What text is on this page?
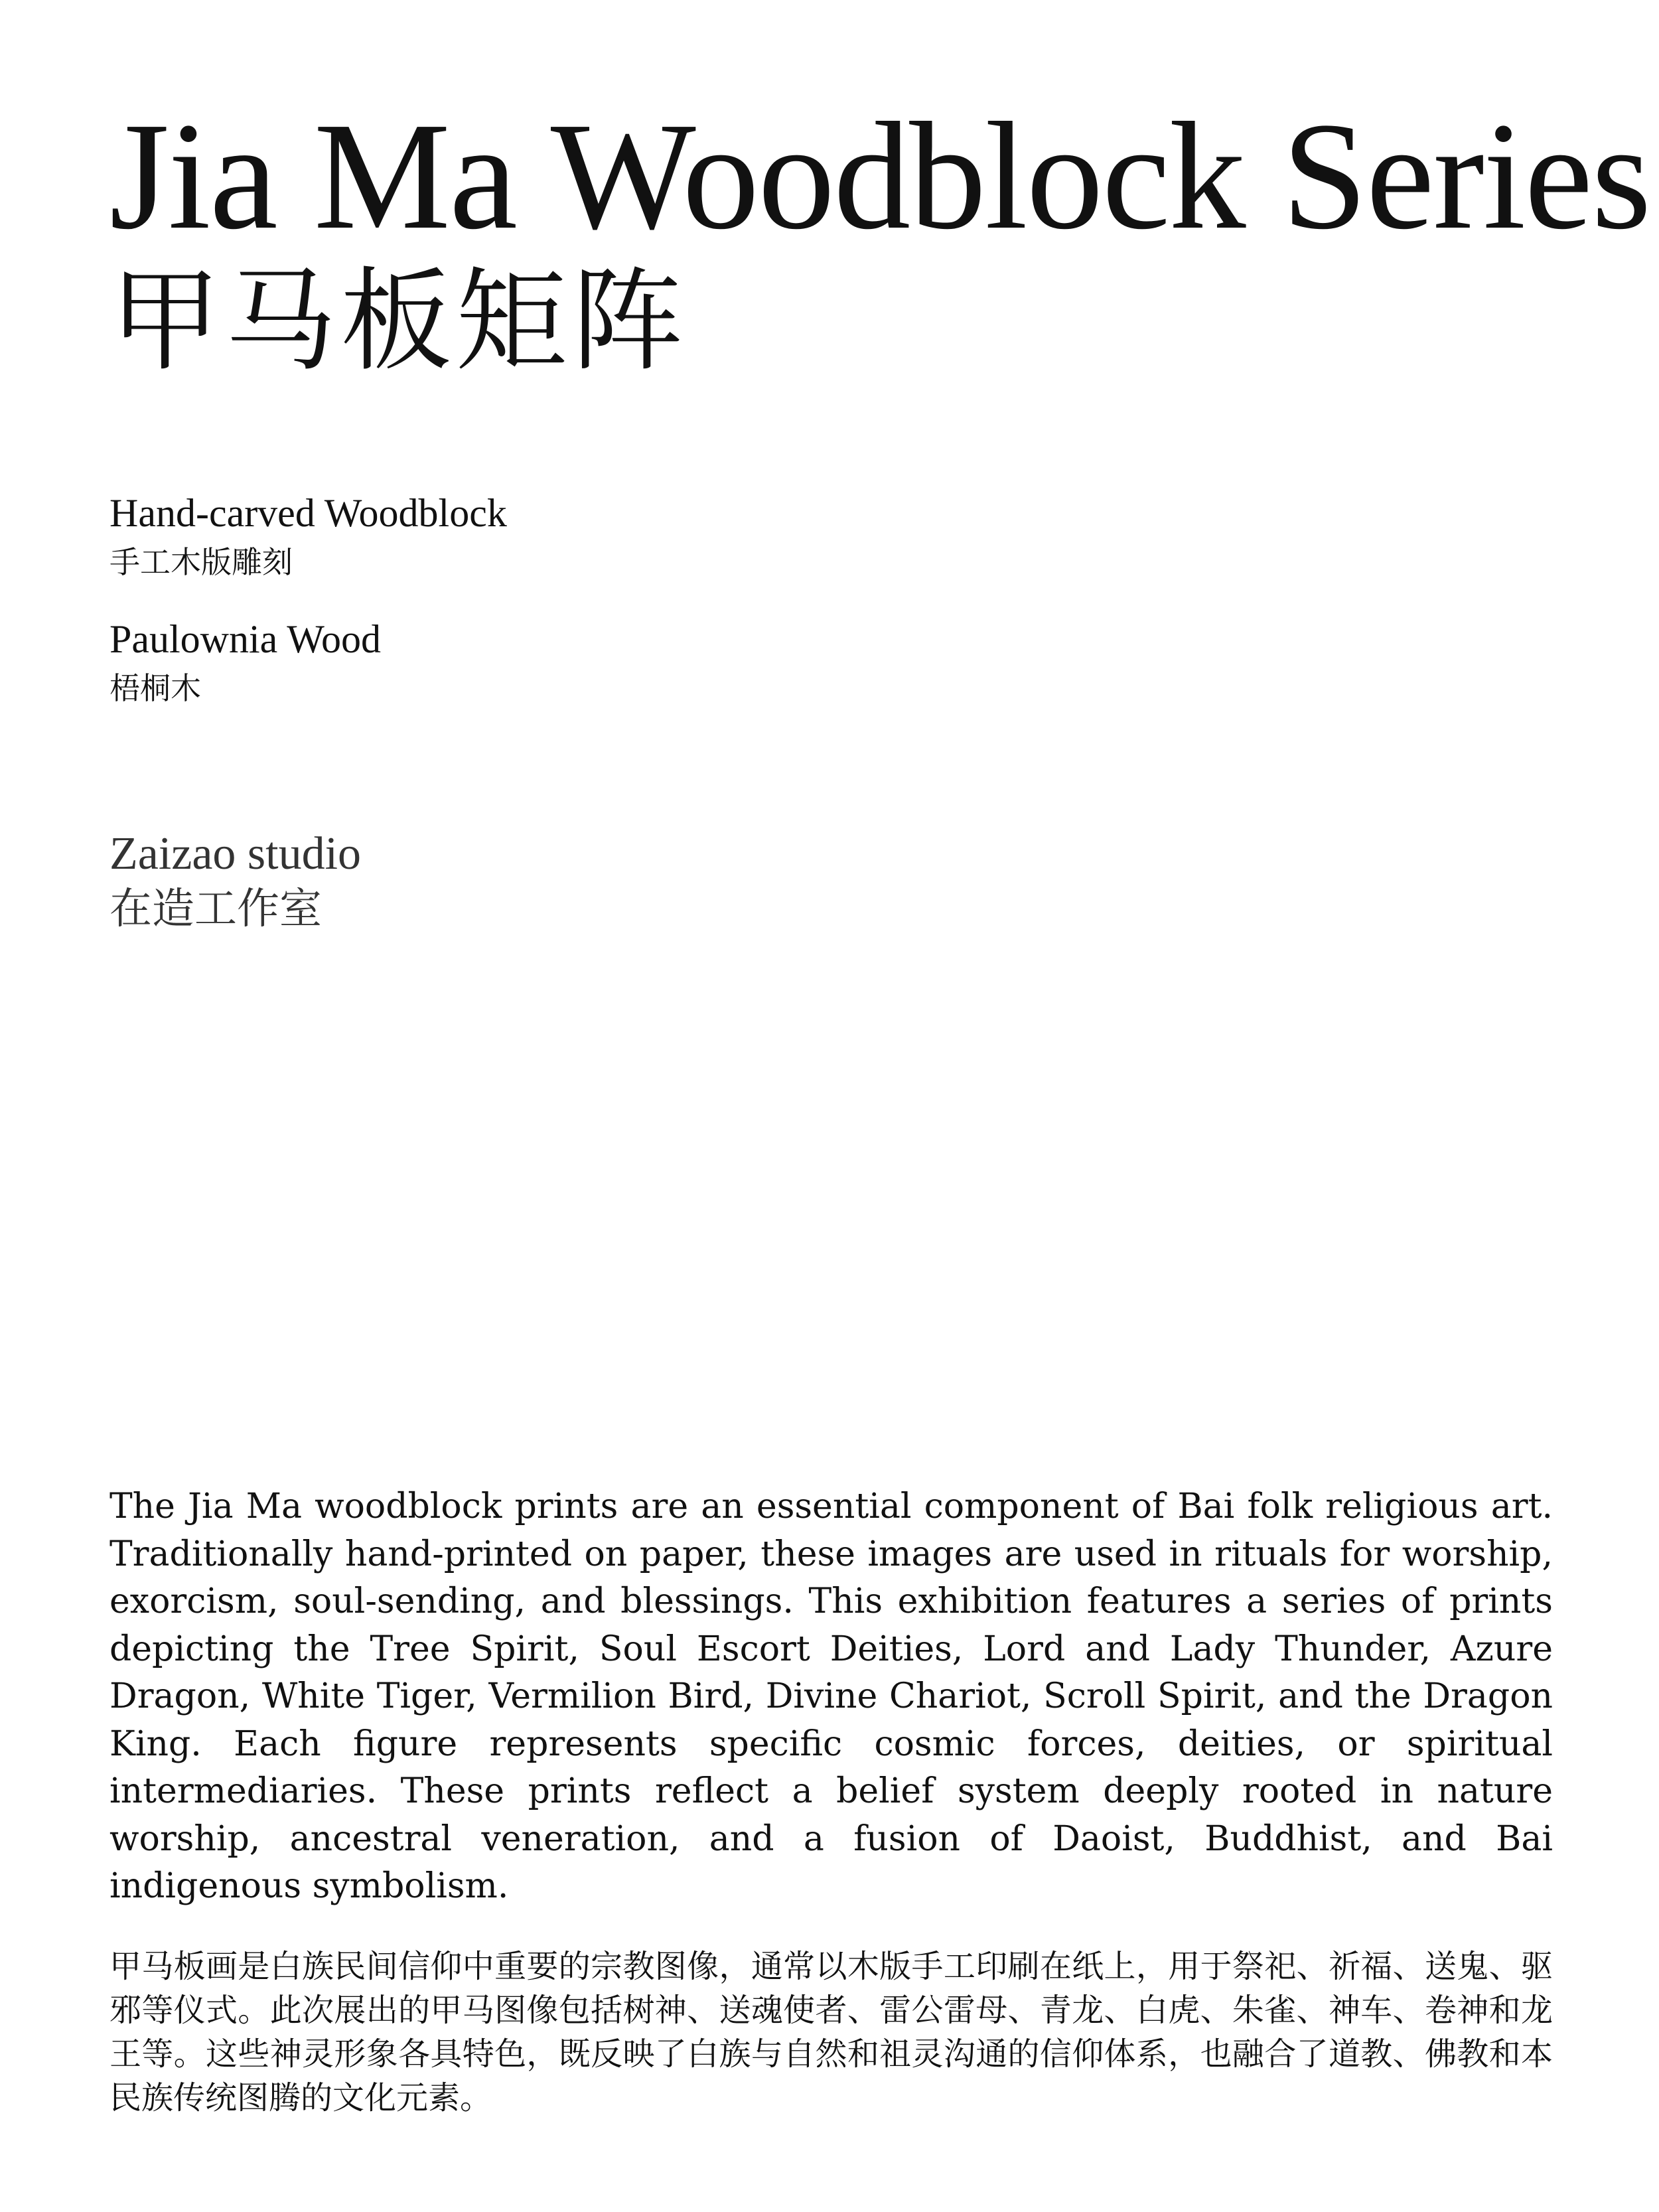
Jia Ma Woodblock Series
甲马板矩阵
Hand-carved Woodblock
手工木版雕刻
Paulownia Wood
梧桐木
Zaizao studio
在造工作室

The Jia Ma woodblock prints are an essential component of Bai folk religious art. Traditionally hand-printed on paper, these images are used in rituals for worship, exorcism, soul-sending, and blessings. This exhibition features a series of prints depicting the Tree Spirit, Soul Escort Deities, Lord and Lady Thunder, Azure Dragon, White Tiger, Vermilion Bird, Divine Chariot, Scroll Spirit, and the Dragon King. Each figure represents specific cosmic forces, deities, or spiritual intermediaries. These prints reflect a belief system deeply rooted in nature worship, ancestral veneration, and a fusion of Daoist, Buddhist, and Bai indigenous symbolism.

甲马板画是白族民间信仰中重要的宗教图像，通常以木版手工印刷在纸上，用于祭祀、祈福、送鬼、驱邪等仪式。此次展出的甲马图像包括树神、送魂使者、雷公雷母、青龙、白虎、朱雀、神车、卷神和龙王等。这些神灵形象各具特色，既反映了白族与自然和祖灵沟通的信仰体系，也融合了道教、佛教和本民族传统图腾的文化元素。
